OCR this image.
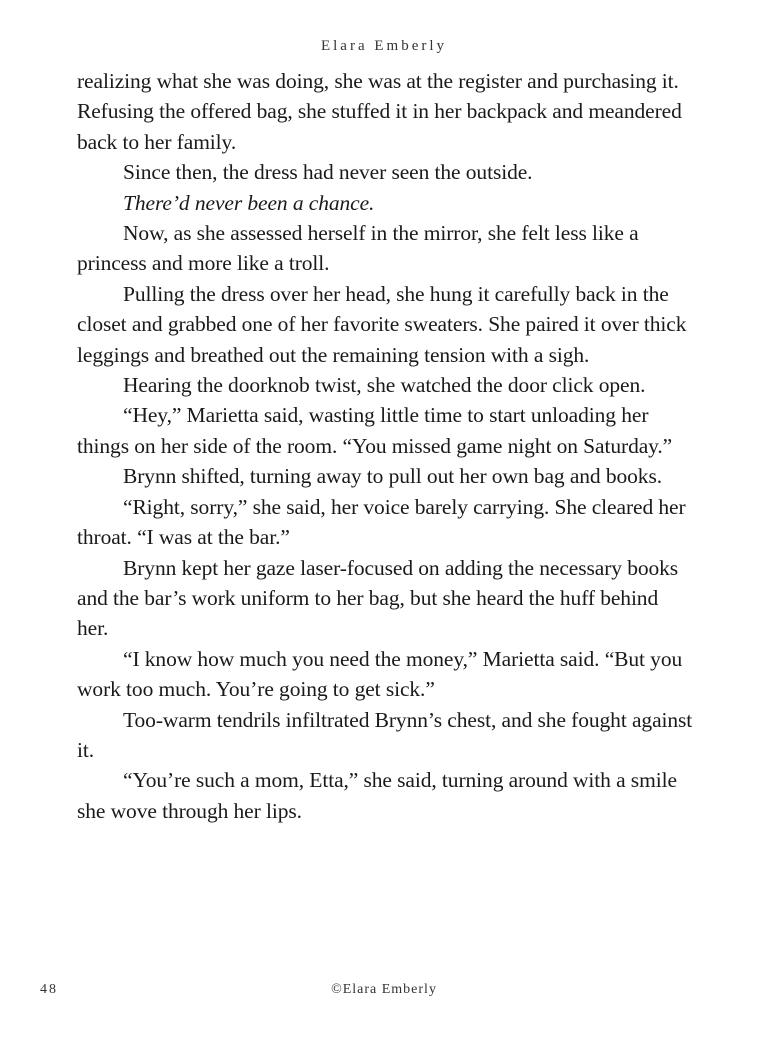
Elara Emberly

realizing what she was doing, she was at the register and purchasing it. Refusing the offered bag, she stuffed it in her backpack and meandered back to her family.

Since then, the dress had never seen the outside.

There’d never been a chance.

Now, as she assessed herself in the mirror, she felt less like a princess and more like a troll.

Pulling the dress over her head, she hung it carefully back in the closet and grabbed one of her favorite sweaters. She paired it over thick leggings and breathed out the remaining tension with a sigh.

Hearing the doorknob twist, she watched the door click open.

“Hey,” Marietta said, wasting little time to start unloading her things on her side of the room. “You missed game night on Saturday.”

Brynn shifted, turning away to pull out her own bag and books.

“Right, sorry,” she said, her voice barely carrying. She cleared her throat. “I was at the bar.”

Brynn kept her gaze laser-focused on adding the necessary books and the bar’s work uniform to her bag, but she heard the huff behind her.

“I know how much you need the money,” Marietta said. “But you work too much. You’re going to get sick.”

Too-warm tendrils infiltrated Brynn’s chest, and she fought against it.

“You’re such a mom, Etta,” she said, turning around with a smile she wove through her lips.

48	©Elara Emberly
